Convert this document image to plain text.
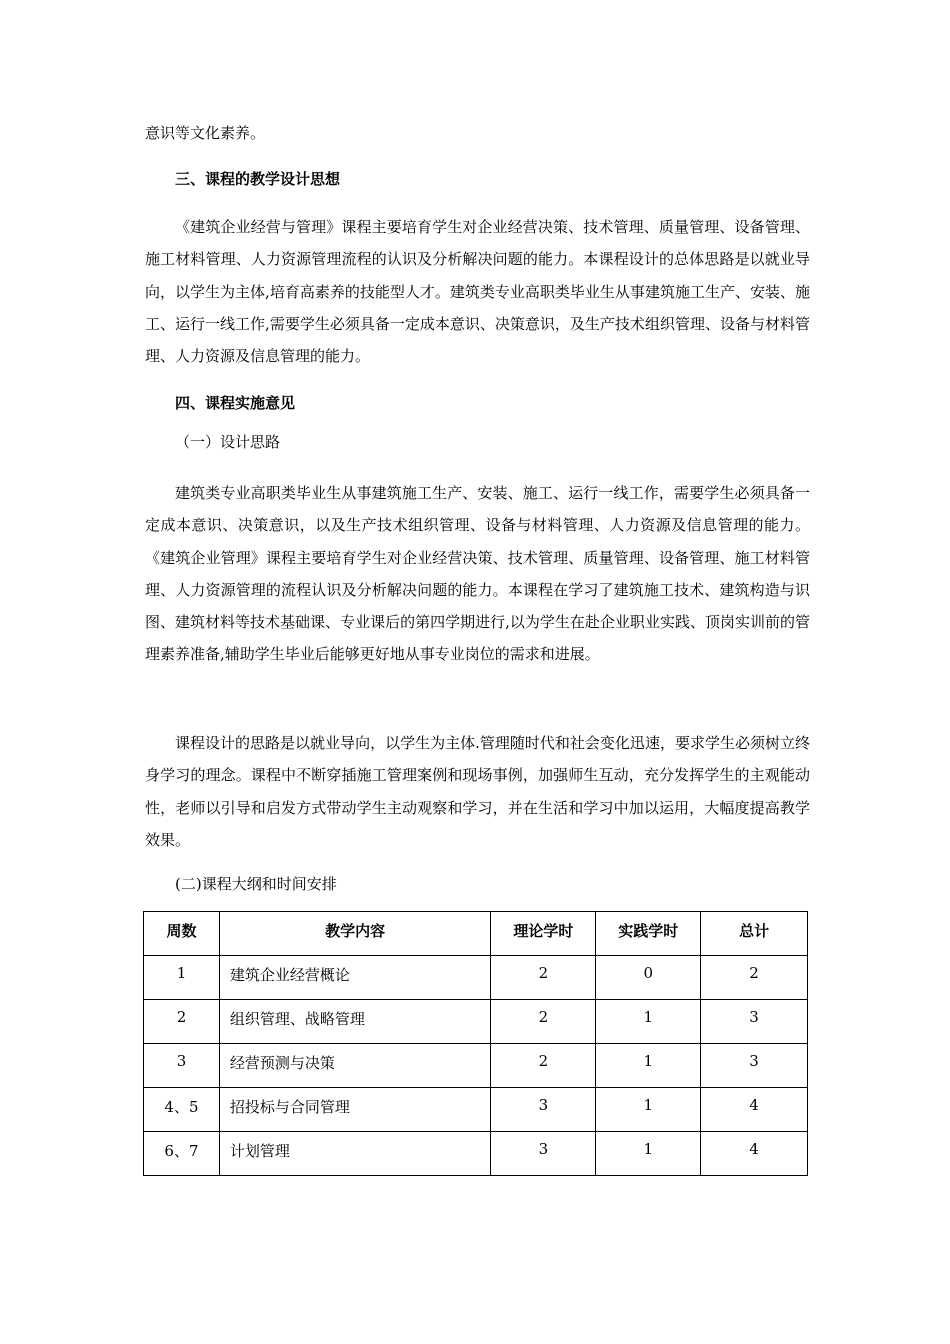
意识等文化素养。

三、课程的教学设计思想

《建筑企业经营与管理》课程主要培育学生对企业经营决策、技术管理、质量管理、设备管理、施工材料管理、人力资源管理流程的认识及分析解决问题的能力。本课程设计的总体思路是以就业导向，以学生为主体,培育高素养的技能型人才。建筑类专业高职类毕业生从事建筑施工生产、安装、施工、运行一线工作,需要学生必须具备一定成本意识、决策意识，及生产技术组织管理、设备与材料管理、人力资源及信息管理的能力。

四、课程实施意见

（一）设计思路

建筑类专业高职类毕业生从事建筑施工生产、安装、施工、运行一线工作，需要学生必须具备一定成本意识、决策意识，以及生产技术组织管理、设备与材料管理、人力资源及信息管理的能力。《建筑企业管理》课程主要培育学生对企业经营决策、技术管理、质量管理、设备管理、施工材料管理、人力资源管理的流程认识及分析解决问题的能力。本课程在学习了建筑施工技术、建筑构造与识图、建筑材料等技术基础课、专业课后的第四学期进行,以为学生在赴企业职业实践、顶岗实训前的管理素养准备,辅助学生毕业后能够更好地从事专业岗位的需求和进展。

课程设计的思路是以就业导向，以学生为主体.管理随时代和社会变化迅速，要求学生必须树立终身学习的理念。课程中不断穿插施工管理案例和现场事例，加强师生互动，充分发挥学生的主观能动性，老师以引导和启发方式带动学生主动观察和学习，并在生活和学习中加以运用，大幅度提高教学效果。

(二)课程大纲和时间安排

周数	教学内容	理论学时	实践学时	总计
1	建筑企业经营概论	2	0	2
2	组织管理、战略管理	2	1	3
3	经营预测与决策	2	1	3
4、5	招投标与合同管理	3	1	4
6、7	计划管理	3	1	4
